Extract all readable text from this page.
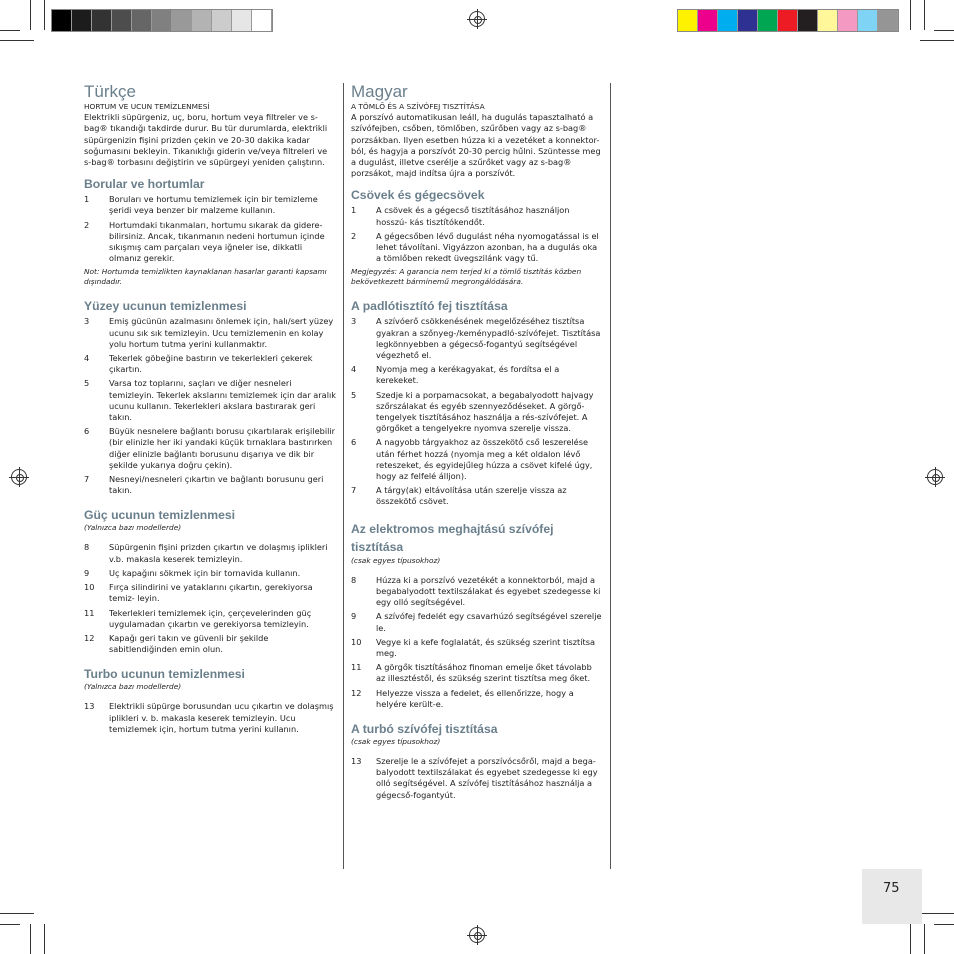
Türkçe

HORTUM VE UCUN TEMİZLENMESİ

Elektrikli süpürgeniz, uç, boru, hortum veya filtreler ve s-bag® tıkandığı takdirde durur. Bu tür durumlarda, elektrikli süpürgenizin fişini prizden çekin ve 20-30 dakika kadar soğumasını bekleyin. Tıkanıklığı giderin ve/veya filtreleri ve s-bag® torbasını değiştirin ve süpürgeyi yeniden çalıştırın.

Borular ve hortumlar
1	Boruları ve hortumu temizlemek için bir temizleme şeridi veya benzer bir malzeme kullanın.
2	Hortumdaki tıkanmaları, hortumu sıkarak da gidere- bilirsiniz. Ancak, tıkanmanın nedeni hortumun içinde sıkışmış cam parçaları veya iğneler ise, dikkatli olmanız gerekir.

Not: Hortumda temizlikten kaynaklanan hasarlar garanti kapsamı dışındadır.

Yüzey ucunun temizlenmesi
3	Emiş gücünün azalmasını önlemek için, halı/sert yüzey ucunu sık sık temizleyin. Ucu temizlemenin en kolay yolu hortum tutma yerini kullanmaktır.
4	Tekerlek göbeğine bastırın ve tekerlekleri çekerek çıkartın.
5	Varsa toz toplarını, saçları ve diğer nesneleri temizleyin. Tekerlek akslarını temizlemek için dar aralık ucunu kullanın. Tekerlekleri akslara bastırarak geri takın.
6	Büyük nesnelere bağlantı borusu çıkartılarak erişilebilir (bir elinizle her iki yandaki küçük tırnaklara bastırırken diğer elinizle bağlantı borusunu dışarıya ve dik bir şekilde yukarıya doğru çekin).
7	Nesneyi/nesneleri çıkartın ve bağlantı borusunu geri takın.
Güç ucunun temizlenmesi

(Yalnızca bazı modellerde)

8	Süpürgenin fişini prizden çıkartın ve dolaşmış iplikleri v.b. makasla keserek temizleyin.
9	Uç kapağını sökmek için bir tornavida kullanın.
10	Fırça silindirini ve yataklarını çıkartın, gerekiyorsa temiz- leyin.
11	Tekerlekleri temizlemek için, çerçevelerinden güç uygulamadan çıkartın ve gerekiyorsa temizleyin.
12	Kapağı geri takın ve güvenli bir şekilde sabitlendiğinden emin olun.
Turbo ucunun temizlenmesi

(Yalnızca bazı modellerde)

13	Elektrikli süpürge borusundan ucu çıkartın ve dolaşmış iplikleri v. b. makasla keserek temizleyin. Ucu temizlemek için, hortum tutma yerini kullanın.
Magyar

A TÖMLŐ ÉS A SZÍVÓFEJ TISZTÍTÁSA

A porszívó automatikusan leáll, ha dugulás tapasztalható a szívófejben, csőben, tömlőben, szűrőben vagy az s-bag® porzsákban. Ilyen esetben húzza ki a vezetéket a konnektor- ból, és hagyja a porszívót 20-30 percig hűlni. Szüntesse meg a dugulást, illetve cserélje a szűrőket vagy az s-bag® porzsákot, majd indítsa újra a porszívót.

Csövek és gégecsövek
1	A csövek és a gégecső tisztításához használjon hosszú- kás tisztítókendőt.
2	A gégecsőben lévő dugulást néha nyomogatással is el lehet távolítani. Vigyázzon azonban, ha a dugulás oka a tömlőben rekedt üvegszilánk vagy tű.

Megjegyzés: A garancia nem terjed ki a tömlő tisztítás közben bekövetkezett bárminemű megrongálódására.

A padlótisztító fej tisztítása
3	A szívóerő csökkenésének megelőzéséhez tisztítsa gyakran a szőnyeg-/keménypadló-szívófejet. Tisztítása legkönnyebben a gégecső-fogantyú segítségével végezhető el.
4	Nyomja meg a kerékagyakat, és fordítsa el a kerekeket.
5	Szedje ki a porpamacsokat, a begabalyodott hajvagy szőrszálakat és egyéb szennyeződéseket. A görgő- tengelyek tisztításához használja a rés-szívófejet. A görgőket a tengelyekre nyomva szerelje vissza.
6	A nagyobb tárgyakhoz az összekötő cső leszerelése után férhet hozzá (nyomja meg a két oldalon lévő reteszeket, és egyidejűleg húzza a csövet kifelé úgy, hogy az felfelé álljon).
7	A tárgy(ak) eltávolítása után szerelje vissza az összekötő csövet.
Az elektromos meghajtású szívófej tisztítása

(csak egyes típusokhoz)

8	Húzza ki a porszívó vezetékét a konnektorból, majd a begabalyodott textilszálakat és egyebet szedegesse ki egy olló segítségével.
9	A szívófej fedelét egy csavarhúzó segítségével szerelje le.
10	Vegye ki a kefe foglalatát, és szükség szerint tisztítsa meg.
11	A görgők tisztításához finoman emelje őket távolabb az illesztéstől, és szükség szerint tisztítsa meg őket.
12	Helyezze vissza a fedelet, és ellenőrizze, hogy a helyére került-e.
A turbó szívófej tisztítása

(csak egyes típusokhoz)

13	Szerelje le a szívófejet a porszívócsőről, majd a bega- balyodott textilszálakat és egyebet szedegesse ki egy olló segítségével. A szívófej tisztításához használja a gégecső-fogantyút.
75
